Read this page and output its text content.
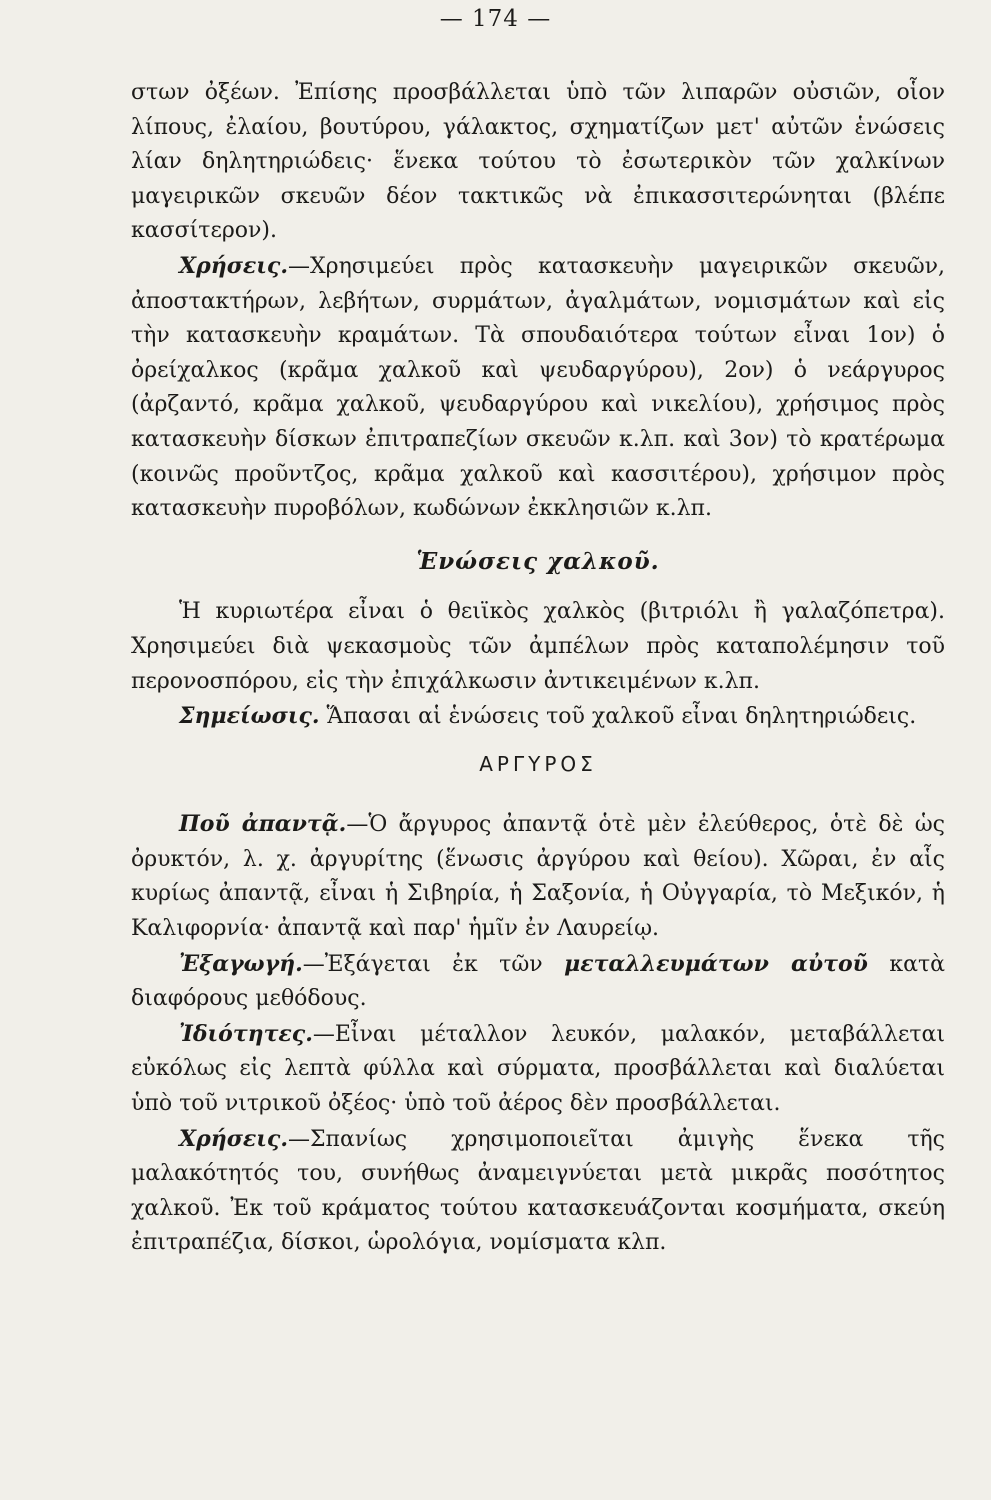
— 174 —

στων ὀξέων. Ἐπίσης προσβάλλεται ὑπὸ τῶν λιπαρῶν οὐσιῶν, οἷον λίπους, ἐλαίου, βουτύρου, γάλακτος, σχηματίζων μετ' αὐτῶν ἑνώσεις λίαν δηλητηριώδεις· ἕνεκα τούτου τὸ ἐσωτερικὸν τῶν χαλκίνων μαγειρικῶν σκευῶν δέον τακτικῶς νὰ ἐπικασσιτερώνηται (βλέπε κασσίτερον).

Χρήσεις.—Χρησιμεύει πρὸς κατασκευὴν μαγειρικῶν σκευῶν, ἀποστακτήρων, λεβήτων, συρμάτων, ἀγαλμάτων, νομισμάτων καὶ εἰς τὴν κατασκευὴν κραμάτων. Τὰ σπουδαιότερα τούτων εἶναι 1ον) ὁ ὀρείχαλκος (κρᾶμα χαλκοῦ καὶ ψευδαργύρου), 2ον) ὁ νεάργυρος (ἀρζαντό, κρᾶμα χαλκοῦ, ψευδαργύρου καὶ νικελίου), χρήσιμος πρὸς κατασκευὴν δίσκων ἐπιτραπεζίων σκευῶν κ.λπ. καὶ 3ον) τὸ κρατέρωμα (κοινῶς προῦντζος, κρᾶμα χαλκοῦ καὶ κασσιτέρου), χρήσιμον πρὸς κατασκευὴν πυροβόλων, κωδώνων ἐκκλησιῶν κ.λπ.

Ἑνώσεις χαλκοῦ.

Ἡ κυριωτέρα εἶναι ὁ θειϊκὸς χαλκὸς (βιτριόλι ἢ γαλαζόπετρα). Χρησιμεύει διὰ ψεκασμοὺς τῶν ἀμπέλων πρὸς καταπολέμησιν τοῦ περονοσπόρου, εἰς τὴν ἐπιχάλκωσιν ἀντικειμένων κ.λπ.

Σημείωσις. Ἅπασαι αἱ ἑνώσεις τοῦ χαλκοῦ εἶναι δηλητηριώδεις.

ΑΡΓΥΡΟΣ

Ποῦ ἀπαντᾷ.—Ὁ ἄργυρος ἀπαντᾷ ὁτὲ μὲν ἐλεύθερος, ὁτὲ δὲ ὡς ὀρυκτόν, λ. χ. ἀργυρίτης (ἕνωσις ἀργύρου καὶ θείου). Χῶραι, ἐν αἷς κυρίως ἀπαντᾷ, εἶναι ἡ Σιβηρία, ἡ Σαξονία, ἡ Οὐγγαρία, τὸ Μεξικόν, ἡ Καλιφορνία· ἀπαντᾷ καὶ παρ' ἡμῖν ἐν Λαυρείῳ.

Ἐξαγωγή.—Ἐξάγεται ἐκ τῶν μεταλλευμάτων αὐτοῦ κατὰ διαφόρους μεθόδους.

Ἰδιότητες.—Εἶναι μέταλλον λευκόν, μαλακόν, μεταβάλλεται εὐκόλως εἰς λεπτὰ φύλλα καὶ σύρματα, προσβάλλεται καὶ διαλύεται ὑπὸ τοῦ νιτρικοῦ ὀξέος· ὑπὸ τοῦ ἀέρος δὲν προσβάλλεται.

Χρήσεις.—Σπανίως χρησιμοποιεῖται ἀμιγὴς ἕνεκα τῆς μαλακότητός του, συνήθως ἀναμειγνύεται μετὰ μικρᾶς ποσότητος χαλκοῦ. Ἐκ τοῦ κράματος τούτου κατασκευάζονται κοσμήματα, σκεύη ἐπιτραπέζια, δίσκοι, ὡρολόγια, νομίσματα κλπ.
